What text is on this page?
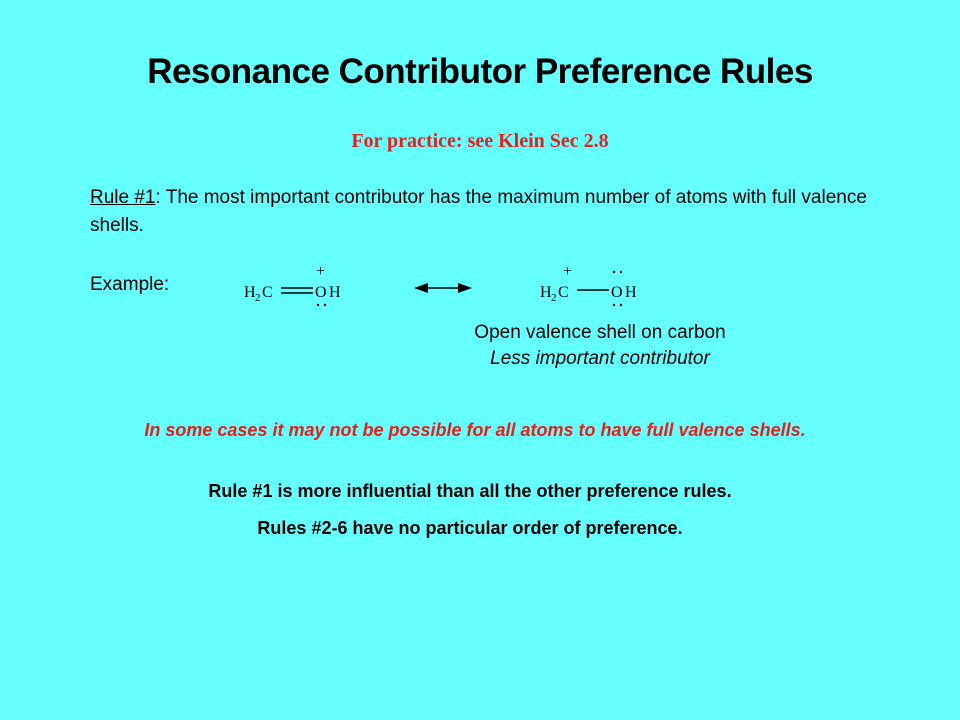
Resonance Contributor Preference Rules
For practice: see Klein Sec 2.8
Rule #1: The most important contributor has the maximum number of atoms with full valence shells.
Example:	H 2 C	O H
+
H 2 C
+
O H
Open valence shell on carbon
Less important contributor
In some cases it may not be possible for all atoms to have full valence shells.
Rule #1 is more influential than all the other preference rules.
Rules #2-6 have no particular order of preference.
